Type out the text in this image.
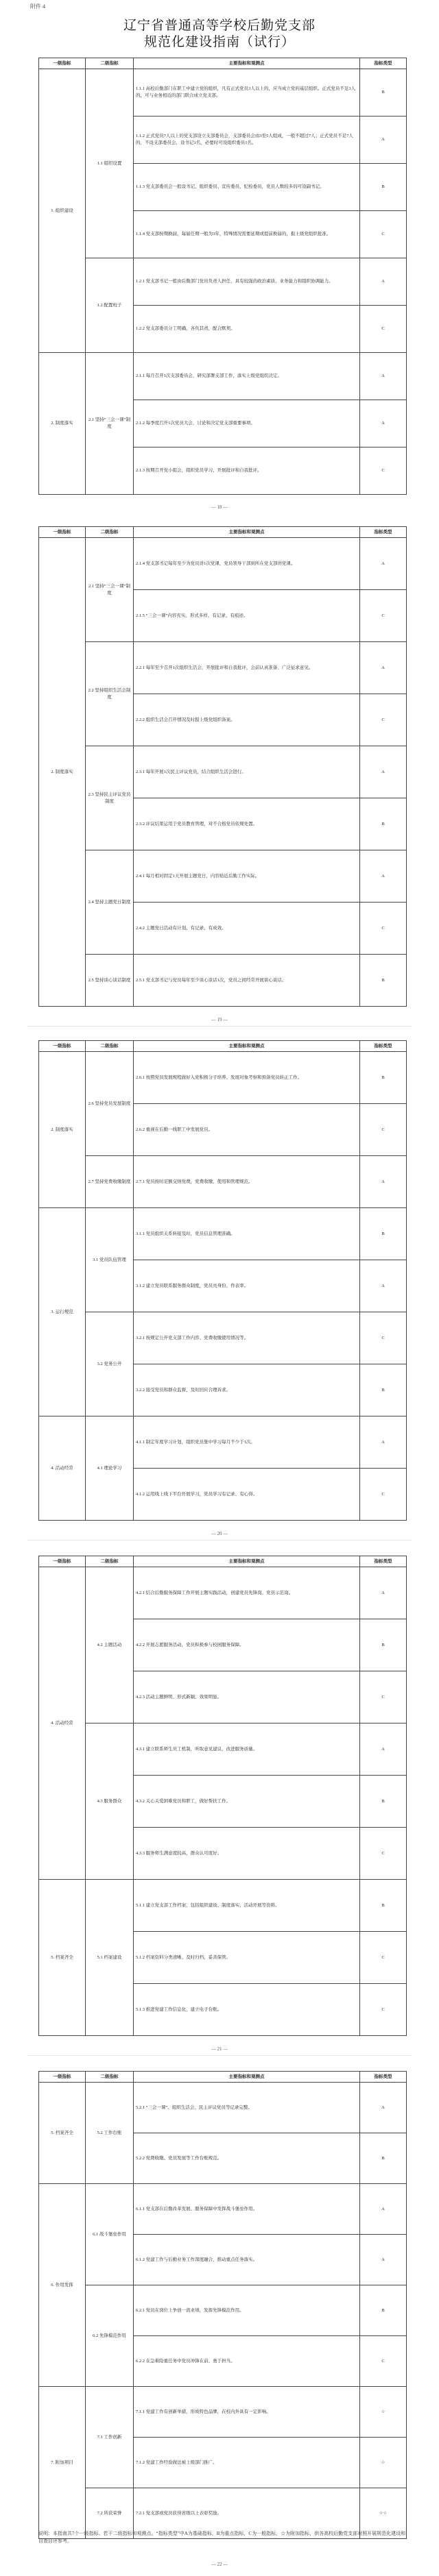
附件 4
辽宁省普通高等学校后勤党支部
规范化建设指南（试行）
一级指标	二级指标	主要指标和观测点	指标类型
1. 组织建设	1.1 组织设置	1.1.1 高校后勤部门在职工中建立党的组织，凡有正式党员3人以上的，应当成立党的基层组织。正式党员不足3人的，可与业务相近的部门联合成立党支部。	B
		1.1.2 正式党员7人以上的党支部设立支部委员会，支部委员会由3至5人组成，一般不超过7人；正式党员不足7人的，不设支部委员会，设书记1名，必要时可设组织委员1名。	A
		1.1.3 党支部委员会一般设书记、组织委员、宣传委员、纪检委员，党员人数较多的可设副书记。	B
		1.1.4 党支部按期换届，每届任期一般为3年，特殊情况需要延期或提前换届的，报上级党组织批准。	C
	1.2 配置班子	1.2.1 党支部书记一般由后勤部门党员负责人担任，具有较强的政治素质、业务能力和组织协调能力。	A
		1.2.2 党支部委员分工明确，各负其责，配合默契。	C
2. 制度落实	2.1 坚持“三会一课”制度	2.1.1 每月召开1次支部委员会，研究部署支部工作，落实上级党组织决定。	A
		2.1.2 每季度召开1次党员大会，讨论和决定党支部重要事项。	A
		2.1.3 按期召开党小组会，组织党员学习、开展批评和自我批评。	C
— 18 —
一级指标	二级指标	主要指标和观测点	指标类型
2. 制度落实	2.1 坚持“三会一课”制度	2.1.4 党支部书记每年至少为党员讲1次党课，党员领导干部到所在党支部讲党课。	A
		2.1.5 “三会一课”内容充实、形式多样，有记录、有痕迹。	C
	2.2 坚持组织生活会制度	2.2.1 每年至少召开1次组织生活会，开展批评和自我批评，会前认真准备、广泛征求意见。	A
		2.2.2 组织生活会召开情况及时报上级党组织备案。	C
	2.3 坚持民主评议党员制度	2.3.1 每年开展1次民主评议党员，结合组织生活会进行。	A
		2.3.2 评议结果运用于党员教育管理，对不合格党员依规处置。	B
	2.4 坚持主题党日制度	2.4.1 每月相对固定1天开展主题党日，内容贴近后勤工作实际。	A
		2.4.2 主题党日活动有计划、有记录、有成效。	C
	2.5 坚持谈心谈话制度	2.5.1 党支部书记与党员每年至少谈心谈话1次，党员之间经常开展谈心谈话。	B
— 19 —
一级指标	二级指标	主要指标和观测点	指标类型
2. 制度落实	2.6 坚持党员发展制度	2.6.1 按照党员发展规程做好入党积极分子培养、发展对象考察和预备党员转正工作。	B
		2.6.2 重视在后勤一线职工中发展党员。	C
	2.7 坚持党费收缴制度	2.7.1 党员按时足额交纳党费，党费收缴、使用和管理规范。	A
3. 运行规范	3.1 党员队伍管理	3.1.1 党员组织关系转接及时，党员信息管理准确。	B
		3.1.2 建立党员联系服务群众制度，党员亮身份、作表率。	A
	3.2 党务公开	3.2.1 按规定公开党支部工作内容、党费收缴使用情况等。	C
		3.2.2 接受党员和群众监督，及时回应合理诉求。	B
4. 活动经常	4.1 理论学习	4.1.1 制定年度学习计划，组织党员集中学习每月不少于1次。	A
		4.1.2 运用线上线下平台开展学习，党员学习有记录、有心得。	C
— 20 —
一级指标	二级指标	主要指标和观测点	指标类型
4. 活动经常	4.2 主题活动	4.2.1 结合后勤服务保障工作开展主题实践活动，创建党员先锋岗、党员示范岗。	A
		4.2.2 开展志愿服务活动，党员积极参与校园服务保障。	B
		4.2.3 活动主题鲜明、形式新颖、效果明显。	C
	4.3 服务群众	4.3.1 建立联系师生员工机制，听取意见建议，改进服务质量。	A
		4.3.2 关心关爱困难党员和职工，做好帮扶工作。	B
		4.3.3 服务师生满意度较高，群众认可度好。	C
5. 档案齐全	5.1 档案建设	5.1.1 建立党支部工作档案，包括组织建设、制度落实、活动开展等资料。	B
		5.1.2 档案资料分类清晰、及时归档、妥善保管。	C
		5.1.3 推进党建工作信息化，建立电子台账。	C
— 21 —
一级指标	二级指标	主要指标和观测点	指标类型
5. 档案齐全	5.2 工作台账	5.2.1 “三会一课”、组织生活会、民主评议党员等记录完整。	A
		5.2.2 党费收缴、党员发展等工作台账规范。	B
6. 作用发挥	6.1 战斗堡垒作用	6.1.1 党支部在后勤改革发展、服务保障中发挥战斗堡垒作用。	A
		6.1.2 党建工作与后勤业务工作深度融合，推动重点任务落实。	A
	6.2 先锋模范作用	6.2.1 党员在岗位上争创一流业绩，发挥先锋模范作用。	B
		6.2.2 在急难险重任务中党员冲锋在前、勇于担当。	C
7. 附加项目	7.1 工作创新	7.1.1 党建工作有创新举措，形成特色品牌，在校内外具有一定影响。	☆
		7.1.2 党建工作经验做法被上级部门推广。	☆
	7.2 所获荣誉	7.2.1 党支部或党员获得省级以上表彰奖励。	☆☆
说明：本指南共7个一级指标、若干二级指标和观测点。“指标类型”中A为基础指标，B为重点指标，C为一般指标，☆为附加指标，供各高校后勤党支部对照开展规范化建设和自查自评参考。
— 22 —
